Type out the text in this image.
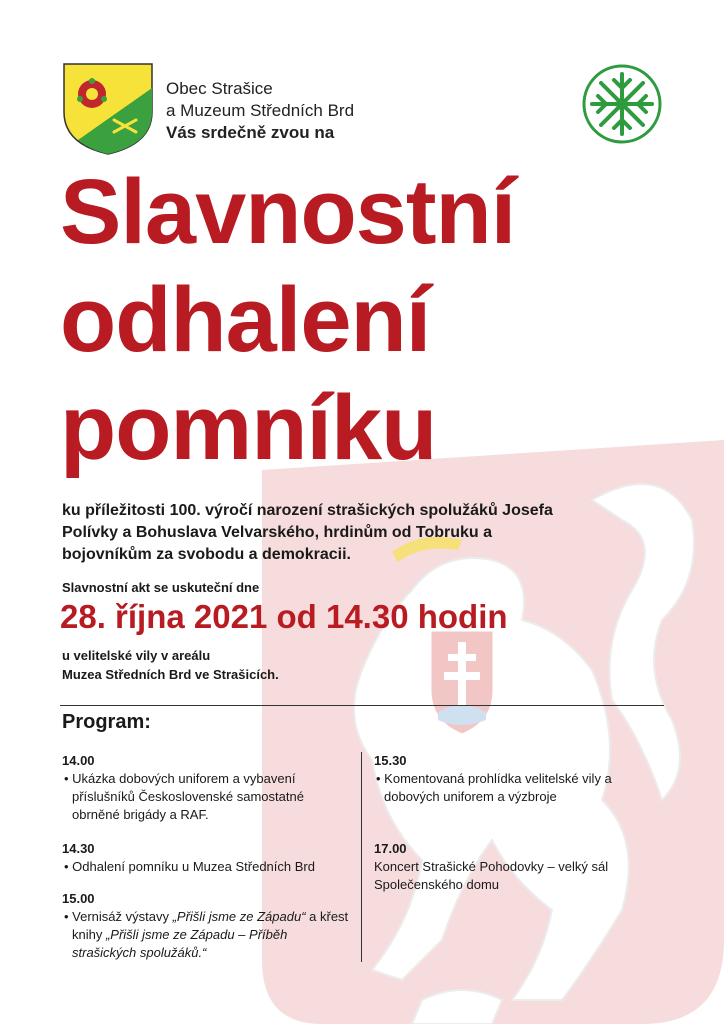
Obec Strašice
a Muzeum Středních Brd
Vás srdečně zvou na
Slavnostní
odhalení
pomníku
ku příležitosti 100. výročí narození strašických spolužáků Josefa Polívky a Bohuslava Velvarského, hrdinům od Tobruku a bojovníkům za svobodu a demokracii.
Slavnostní akt se uskuteční dne
28. října 2021 od 14.30 hodin
u velitelské vily v areálu
Muzea Středních Brd ve Strašicích.
Program:
14.00
• Ukázka dobových uniforem a vybavení příslušníků Československé samostatné obrněné brigády a RAF.
14.30
• Odhalení pomníku u Muzea Středních Brd
15.00
• Vernisáž výstavy „Přišli jsme ze Západu“ a křest knihy „Přišli jsme ze Západu – Příběh strašických spolužáků.“
15.30
• Komentovaná prohlídka velitelské vily a dobových uniforem a výzbroje
17.00
Koncert Strašické Pohodovky – velký sál Společenského domu
